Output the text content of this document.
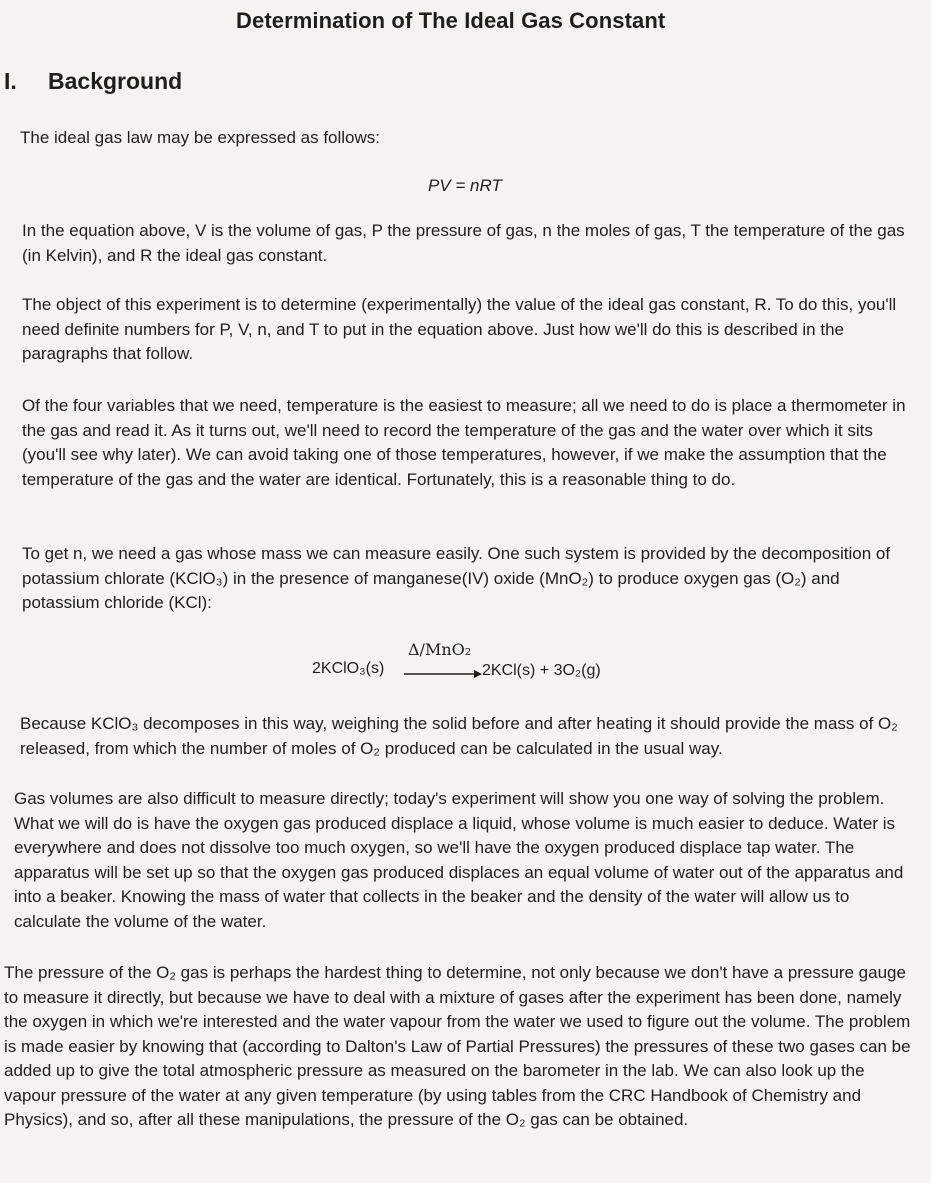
Determination of The Ideal Gas Constant
I. Background

The ideal gas law may be expressed as follows:

PV = nRT

In the equation above, V is the volume of gas, P the pressure of gas, n the moles of gas, T the temperature of the gas (in Kelvin), and R the ideal gas constant.

The object of this experiment is to determine (experimentally) the value of the ideal gas constant, R. To do this, you'll need definite numbers for P, V, n, and T to put in the equation above. Just how we'll do this is described in the paragraphs that follow.

Of the four variables that we need, temperature is the easiest to measure; all we need to do is place a thermometer in the gas and read it. As it turns out, we'll need to record the temperature of the gas and the water over which it sits (you'll see why later). We can avoid taking one of those temperatures, however, if we make the assumption that the temperature of the gas and the water are identical. Fortunately, this is a reasonable thing to do.

To get n, we need a gas whose mass we can measure easily. One such system is provided by the decomposition of potassium chlorate (KClO₃) in the presence of manganese(IV) oxide (MnO₂) to produce oxygen gas (O₂) and potassium chloride (KCl):

2KClO₃(s)
Δ/MnO₂
2KCl(s) + 3O₂(g)

Because KClO₃ decomposes in this way, weighing the solid before and after heating it should provide the mass of O₂ released, from which the number of moles of O₂ produced can be calculated in the usual way.

Gas volumes are also difficult to measure directly; today's experiment will show you one way of solving the problem. What we will do is have the oxygen gas produced displace a liquid, whose volume is much easier to deduce. Water is everywhere and does not dissolve too much oxygen, so we'll have the oxygen produced displace tap water. The apparatus will be set up so that the oxygen gas produced displaces an equal volume of water out of the apparatus and into a beaker. Knowing the mass of water that collects in the beaker and the density of the water will allow us to calculate the volume of the water.

The pressure of the O₂ gas is perhaps the hardest thing to determine, not only because we don't have a pressure gauge to measure it directly, but because we have to deal with a mixture of gases after the experiment has been done, namely the oxygen in which we're interested and the water vapour from the water we used to figure out the volume. The problem is made easier by knowing that (according to Dalton's Law of Partial Pressures) the pressures of these two gases can be added up to give the total atmospheric pressure as measured on the barometer in the lab. We can also look up the vapour pressure of the water at any given temperature (by using tables from the CRC Handbook of Chemistry and Physics), and so, after all these manipulations, the pressure of the O₂ gas can be obtained.
